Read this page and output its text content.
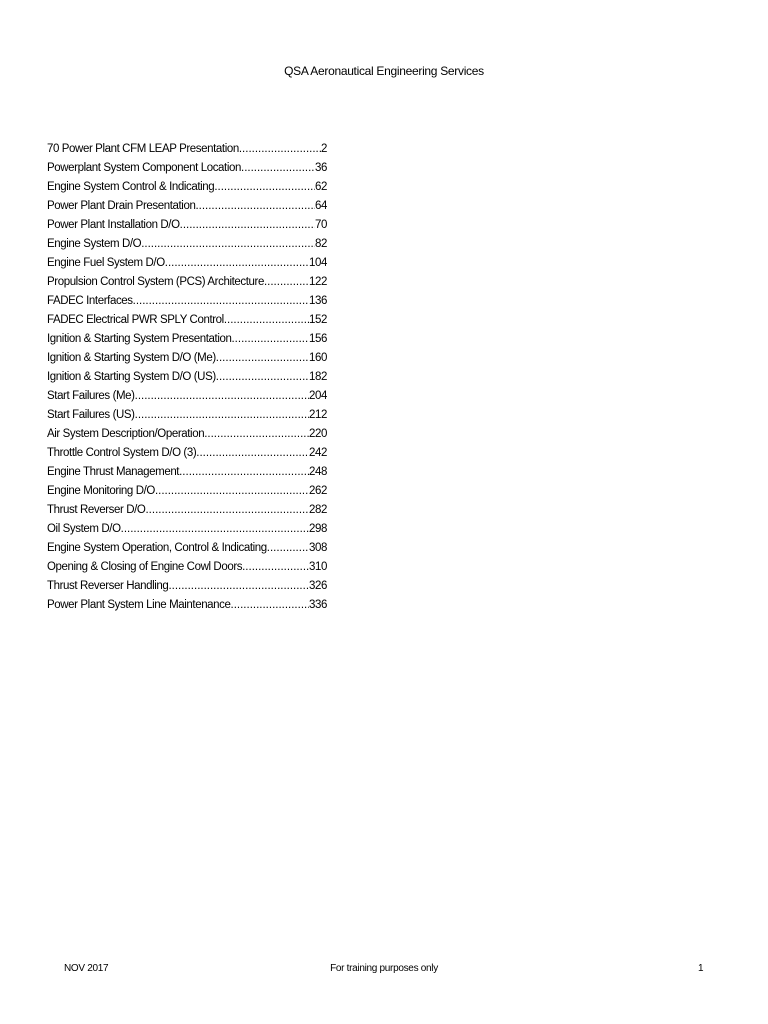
QSA Aeronautical Engineering Services
70 Power Plant CFM LEAP Presentation .....	2
Powerplant System Component Location .....	36
Engine System Control & Indicating .....	62
Power Plant Drain Presentation .....	64
Power Plant Installation D/O .....	70
Engine System D/O .....	82
Engine Fuel System D/O .....	104
Propulsion Control System (PCS) Architecture .....	122
FADEC Interfaces .....	136
FADEC Electrical PWR SPLY Control .....	152
Ignition & Starting System Presentation .....	156
Ignition & Starting System D/O (Me) .....	160
Ignition & Starting System D/O (US) .....	182
Start Failures (Me) .....	204
Start Failures (US) .....	212
Air System Description/Operation .....	220
Throttle Control System D/O (3) .....	242
Engine Thrust Management .....	248
Engine Monitoring D/O .....	262
Thrust Reverser D/O .....	282
Oil System D/O .....	298
Engine System Operation, Control & Indicating .....	308
Opening & Closing of Engine Cowl Doors .....	310
Thrust Reverser Handling .....	326
Power Plant System Line Maintenance .....	336
NOV 2017	For training purposes only	1
